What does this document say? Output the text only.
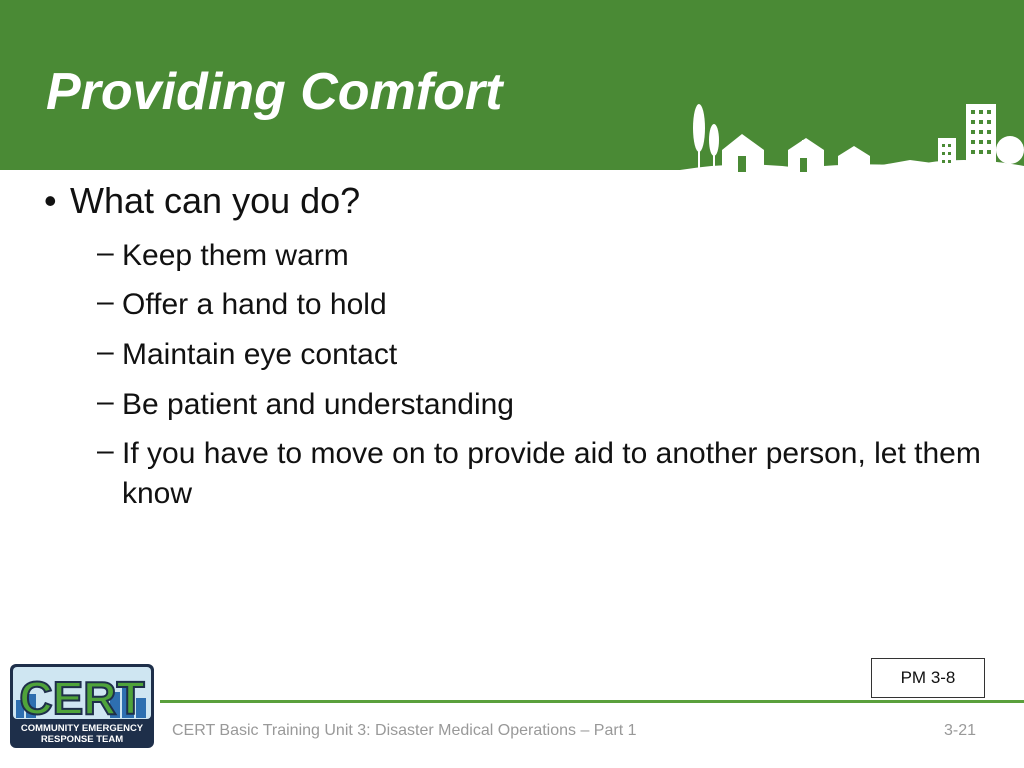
Providing Comfort
• What can you do?
– Keep them warm
– Offer a hand to hold
– Maintain eye contact
– Be patient and understanding
– If you have to move on to provide aid to another person, let them know
PM 3-8
CERT Basic Training Unit 3: Disaster Medical Operations – Part 1	3-21
CERT
COMMUNITY EMERGENCY
RESPONSE TEAM
